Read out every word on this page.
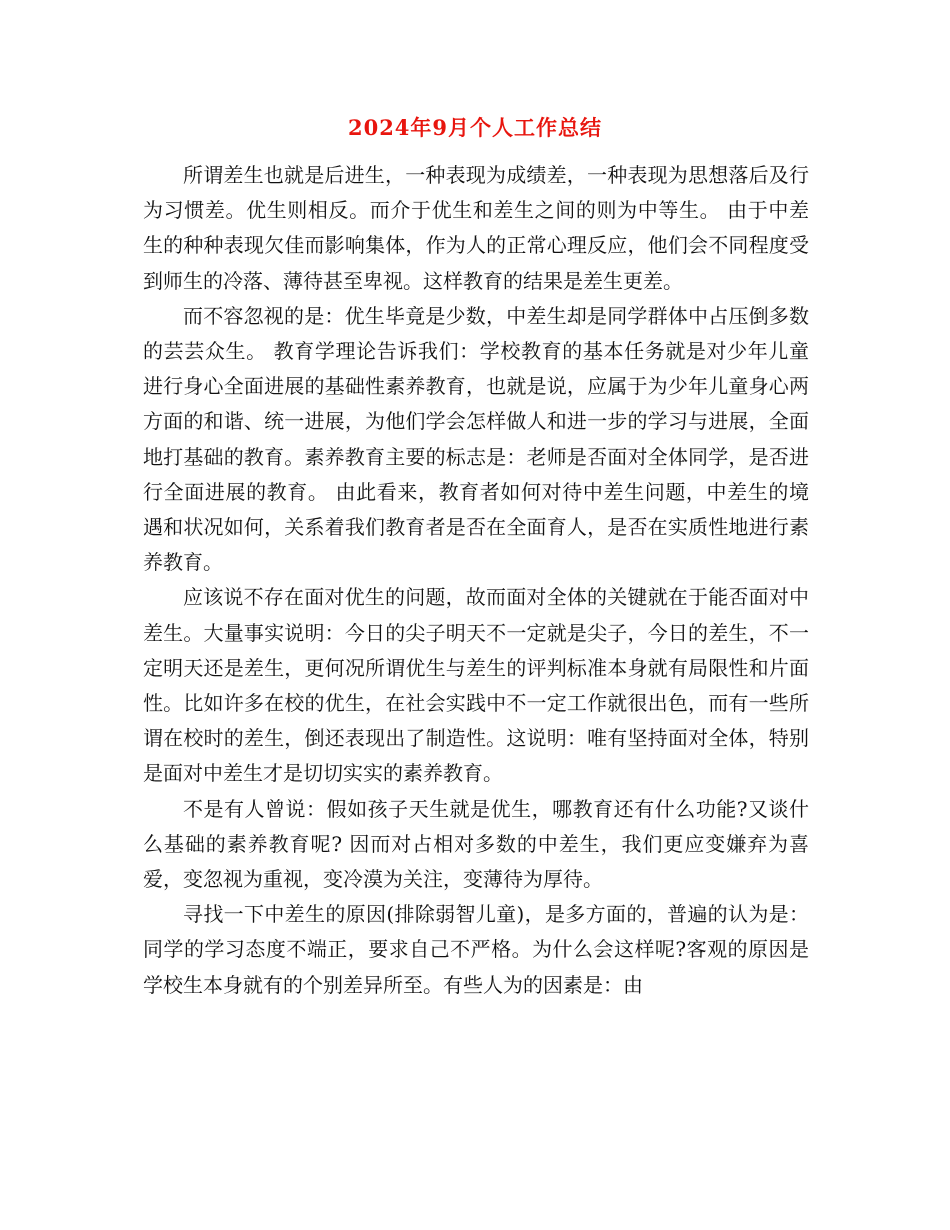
2024年9月个人工作总结

所谓差生也就是后进生，一种表现为成绩差，一种表现为思想落后及行为习惯差。优生则相反。而介于优生和差生之间的则为中等生。 由于中差生的种种表现欠佳而影响集体，作为人的正常心理反应，他们会不同程度受到师生的冷落、薄待甚至卑视。这样教育的结果是差生更差。

而不容忽视的是：优生毕竟是少数，中差生却是同学群体中占压倒多数的芸芸众生。 教育学理论告诉我们：学校教育的基本任务就是对少年儿童进行身心全面进展的基础性素养教育，也就是说，应属于为少年儿童身心两方面的和谐、统一进展，为他们学会怎样做人和进一步的学习与进展，全面地打基础的教育。素养教育主要的标志是：老师是否面对全体同学，是否进行全面进展的教育。 由此看来，教育者如何对待中差生问题，中差生的境遇和状况如何，关系着我们教育者是否在全面育人，是否在实质性地进行素养教育。

应该说不存在面对优生的问题，故而面对全体的关键就在于能否面对中差生。大量事实说明：今日的尖子明天不一定就是尖子，今日的差生，不一定明天还是差生，更何况所谓优生与差生的评判标准本身就有局限性和片面性。比如许多在校的优生，在社会实践中不一定工作就很出色，而有一些所谓在校时的差生，倒还表现出了制造性。这说明：唯有坚持面对全体，特别是面对中差生才是切切实实的素养教育。

不是有人曾说：假如孩子天生就是优生，哪教育还有什么功能?又谈什么基础的素养教育呢? 因而对占相对多数的中差生，我们更应变嫌弃为喜爱，变忽视为重视，变冷漠为关注，变薄待为厚待。

寻找一下中差生的原因(排除弱智儿童)，是多方面的，普遍的认为是：同学的学习态度不端正，要求自己不严格。为什么会这样呢?客观的原因是学校生本身就有的个别差异所至。有些人为的因素是：由
